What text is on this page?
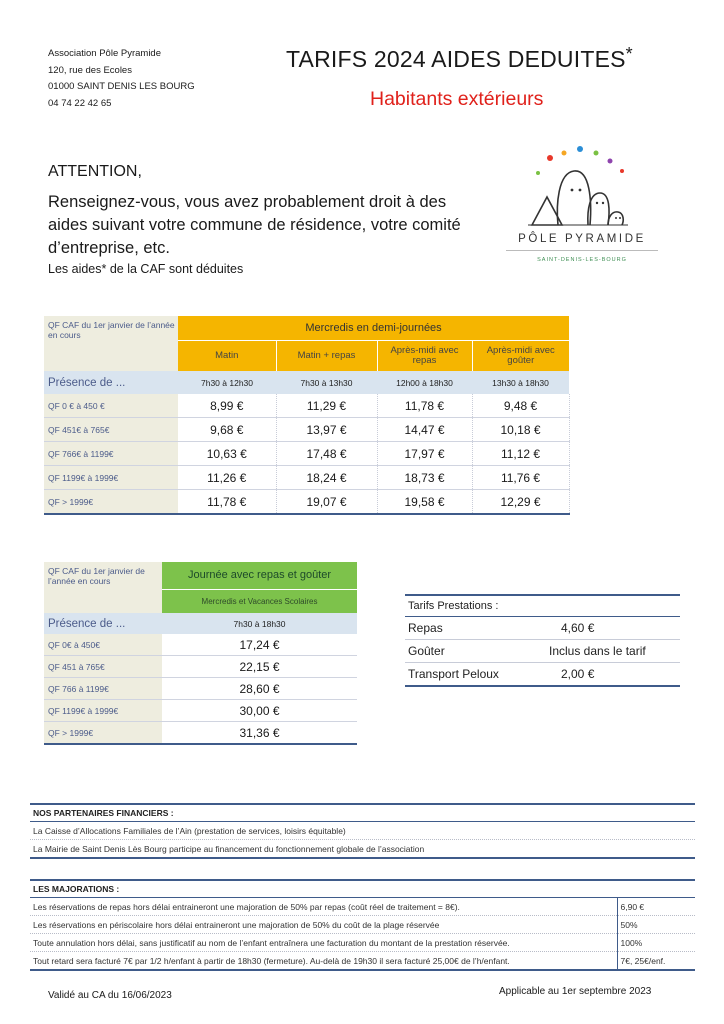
Association Pôle Pyramide
120, rue des Ecoles
01000 SAINT DENIS LES BOURG
04 74 22 42 65
TARIFS 2024 AIDES DEDUITES*
Habitants extérieurs
ATTENTION,
Renseignez-vous, vous avez probablement droit à des aides suivant votre commune de résidence, votre comité d’entreprise, etc.
Les aides* de la CAF sont déduites
PÔLE PYRAMIDE
SAINT-DENIS-LES-BOURG
QF CAF du 1er janvier de l’année en cours	Mercredis en demi-journées			
	Matin	Matin + repas	Après-midi avec repas	Après-midi avec goûter
Présence de ...	7h30 à 12h30	7h30 à 13h30	12h00 à 18h30	13h30 à 18h30
QF 0 € à 450 €	8,99 €	11,29 €	11,78 €	9,48 €
QF 451€ à 765€	9,68 €	13,97 €	14,47 €	10,18 €
QF 766€ à 1199€	10,63 €	17,48 €	17,97 €	11,12 €
QF 1199€ à 1999€	11,26 €	18,24 €	18,73 €	11,76 €
QF > 1999€	11,78 €	19,07 €	19,58 €	12,29 €
QF CAF du 1er janvier de l’année en cours	Journée avec repas et goûter
	Mercredis et Vacances Scolaires
Présence de ...	7h30 à 18h30
QF 0€ à 450€	17,24 €
QF 451 à 765€	22,15 €
QF 766 à 1199€	28,60 €
QF 1199€ à 1999€	30,00 €
QF > 1999€	31,36 €
Tarifs Prestations :	
Repas	4,60 €
Goûter	Inclus dans le tarif
Transport Peloux	2,00 €
NOS PARTENAIRES FINANCIERS :
La Caisse d’Allocations Familiales de l’Ain (prestation de services, loisirs équitable)
La Mairie de Saint Denis Lès Bourg participe au financement du fonctionnement globale de l’association
LES MAJORATIONS :	
Les réservations de repas hors délai entraineront une majoration de 50% par repas (coût réel de traitement = 8€).	6,90 €
Les réservations en périscolaire hors délai entraineront une majoration de 50% du coût de la plage réservée	50%
Toute annulation hors délai, sans justificatif au nom de l’enfant entraînera une facturation du montant de la prestation réservée.	100%
Tout retard sera facturé 7€ par 1/2 h/enfant à partir de 18h30 (fermeture). Au-delà de 19h30 il sera facturé 25,00€ de l’h/enfant.	7€, 25€/enf.
Validé au CA du 16/06/2023	Applicable au 1er septembre 2023
